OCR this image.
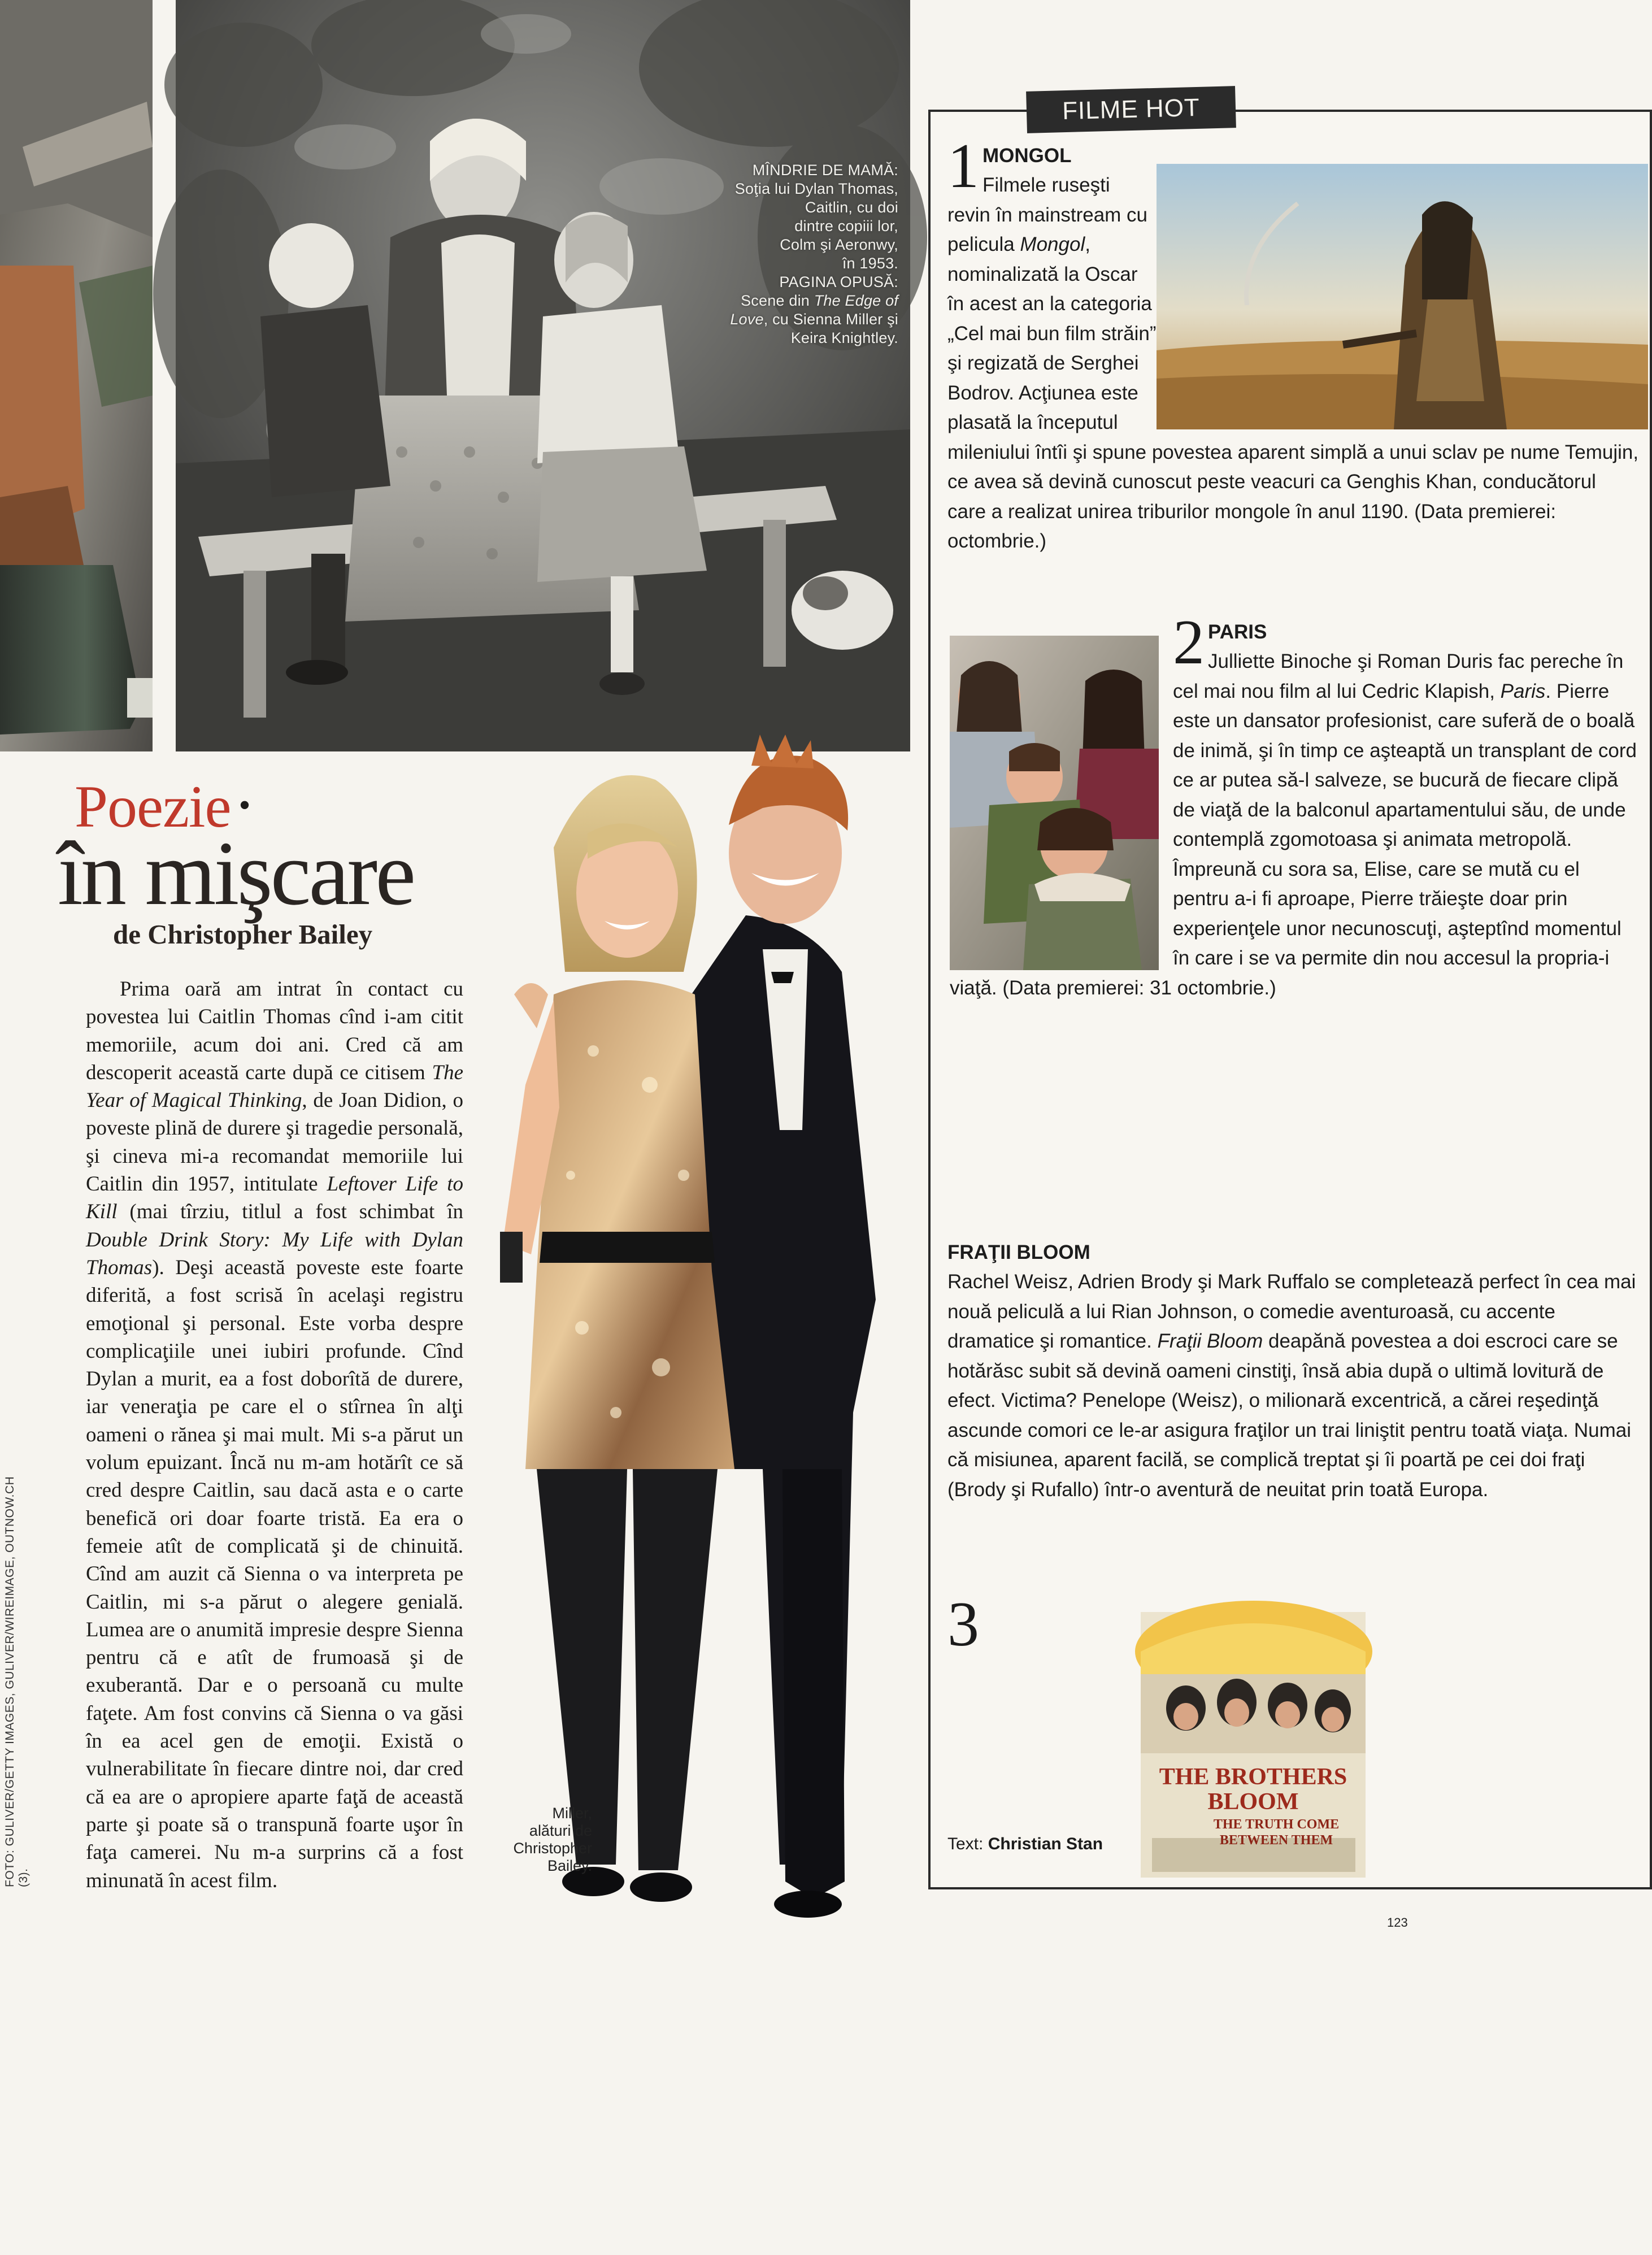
MÎNDRIE DE MAMĂ:
Soţia lui Dylan Thomas,
Caitlin, cu doi
dintre copiii lor,
Colm şi Aeronwy,
în 1953.
PAGINA OPUSĂ:
Scene din The Edge of
Love, cu Sienna Miller şi
Keira Knightley.
Poezie •
în mişcare
de Christopher Bailey

Prima oară am intrat în contact cu povestea lui Caitlin Thomas cînd i-am citit memoriile, acum doi ani. Cred că am descoperit această carte după ce citisem The Year of Magical Thinking, de Joan Didion, o poveste plină de durere şi tragedie personală, şi cineva mi-a recomandat memoriile lui Caitlin din 1957, intitulate Leftover Life to Kill (mai tîrziu, titlul a fost schimbat în Double Drink Story: My Life with Dylan Thomas). Deşi această poveste este foarte diferită, a fost scrisă în acelaşi registru emoţional şi personal. Este vorba despre complicaţiile unei iubiri profunde. Cînd Dylan a murit, ea a fost doborîtă de durere, iar veneraţia pe care el o stîrnea în alţi oameni o rănea şi mai mult. Mi s-a părut un volum epuizant. Încă nu m-am hotărît ce să cred despre Caitlin, sau dacă asta e o carte benefică ori doar foarte tristă. Ea era o femeie atît de complicată şi de chinuită. Cînd am auzit că Sienna o va interpreta pe Caitlin, mi s-a părut o alegere genială. Lumea are o anumită impresie despre Sienna pentru că e atît de frumoasă şi de exuberantă. Dar e o persoană cu multe faţete. Am fost convins că Sienna o va găsi în ea acel gen de emoţii. Există o vulnerabilitate în fiecare dintre noi, dar cred că ea are o apropiere aparte faţă de această parte şi poate să o transpună foarte uşor în faţa camerei. Nu m-a surprins că a fost minunată în acest film.

FOTO: GULIVER/GETTY IMAGES, GULIVER/WIREIMAGE, OUTNOW.CH (3).
Miller,
alături de
Christopher
Bailey.
1 MONGOL
Filmele ruseşti revin în mainstream cu pelicula Mongol, nominalizată la Oscar în acest an la categoria „Cel mai bun film străin” şi regizată de Serghei Bodrov. Acţiunea este plasată la începutul mileniului întîi şi spune povestea aparent simplă a unui sclav pe nume Temujin, ce avea să devină cunoscut peste veacuri ca Genghis Khan, conducătorul care a realizat unirea triburilor mongole în anul 1190. (Data premierei: octombrie.)
2 PARIS
Julliette Binoche şi Roman Duris fac pereche în cel mai nou film al lui Cedric Klapish, Paris. Pierre este un dansator profesionist, care suferă de o boală de inimă, şi în timp ce aşteaptă un transplant de cord ce ar putea să-l salveze, se bucură de fiecare clipă de viaţă de la balconul apartamentului său, de unde contemplă zgomotoasa şi animata metropolă. Împreună cu sora sa, Elise, care se mută cu el pentru a-i fi aproape, Pierre trăieşte doar prin experienţele unor necunoscuţi, aşteptînd momentul în care i se va permite din nou accesul la propria-i viaţă. (Data premierei: 31 octombrie.)
3
FRAŢII BLOOM
Rachel Weisz, Adrien Brody şi Mark Ruffalo se completează perfect în cea mai nouă peliculă a lui Rian Johnson, o comedie aventuroasă, cu accente dramatice şi romantice. Fraţii Bloom deapănă povestea a doi escroci care se hotărăsc subit să devină oameni cinstiţi, însă abia după o ultimă lovitură de efect. Victima? Penelope (Weisz), o milionară excentrică, a cărei reşedinţă ascunde comori ce le-ar asigura fraţilor un trai liniştit pentru toată viaţa. Numai că misiunea, aparent facilă, se complică treptat şi îi poartă pe cei doi fraţi (Brody şi Rufallo) într-o aventură de neuitat prin toată Europa.
THE BROTHERS BLOOM
THE TRUTH COME BETWEEN THEM
Text: Christian Stan
FILME HOT
123
